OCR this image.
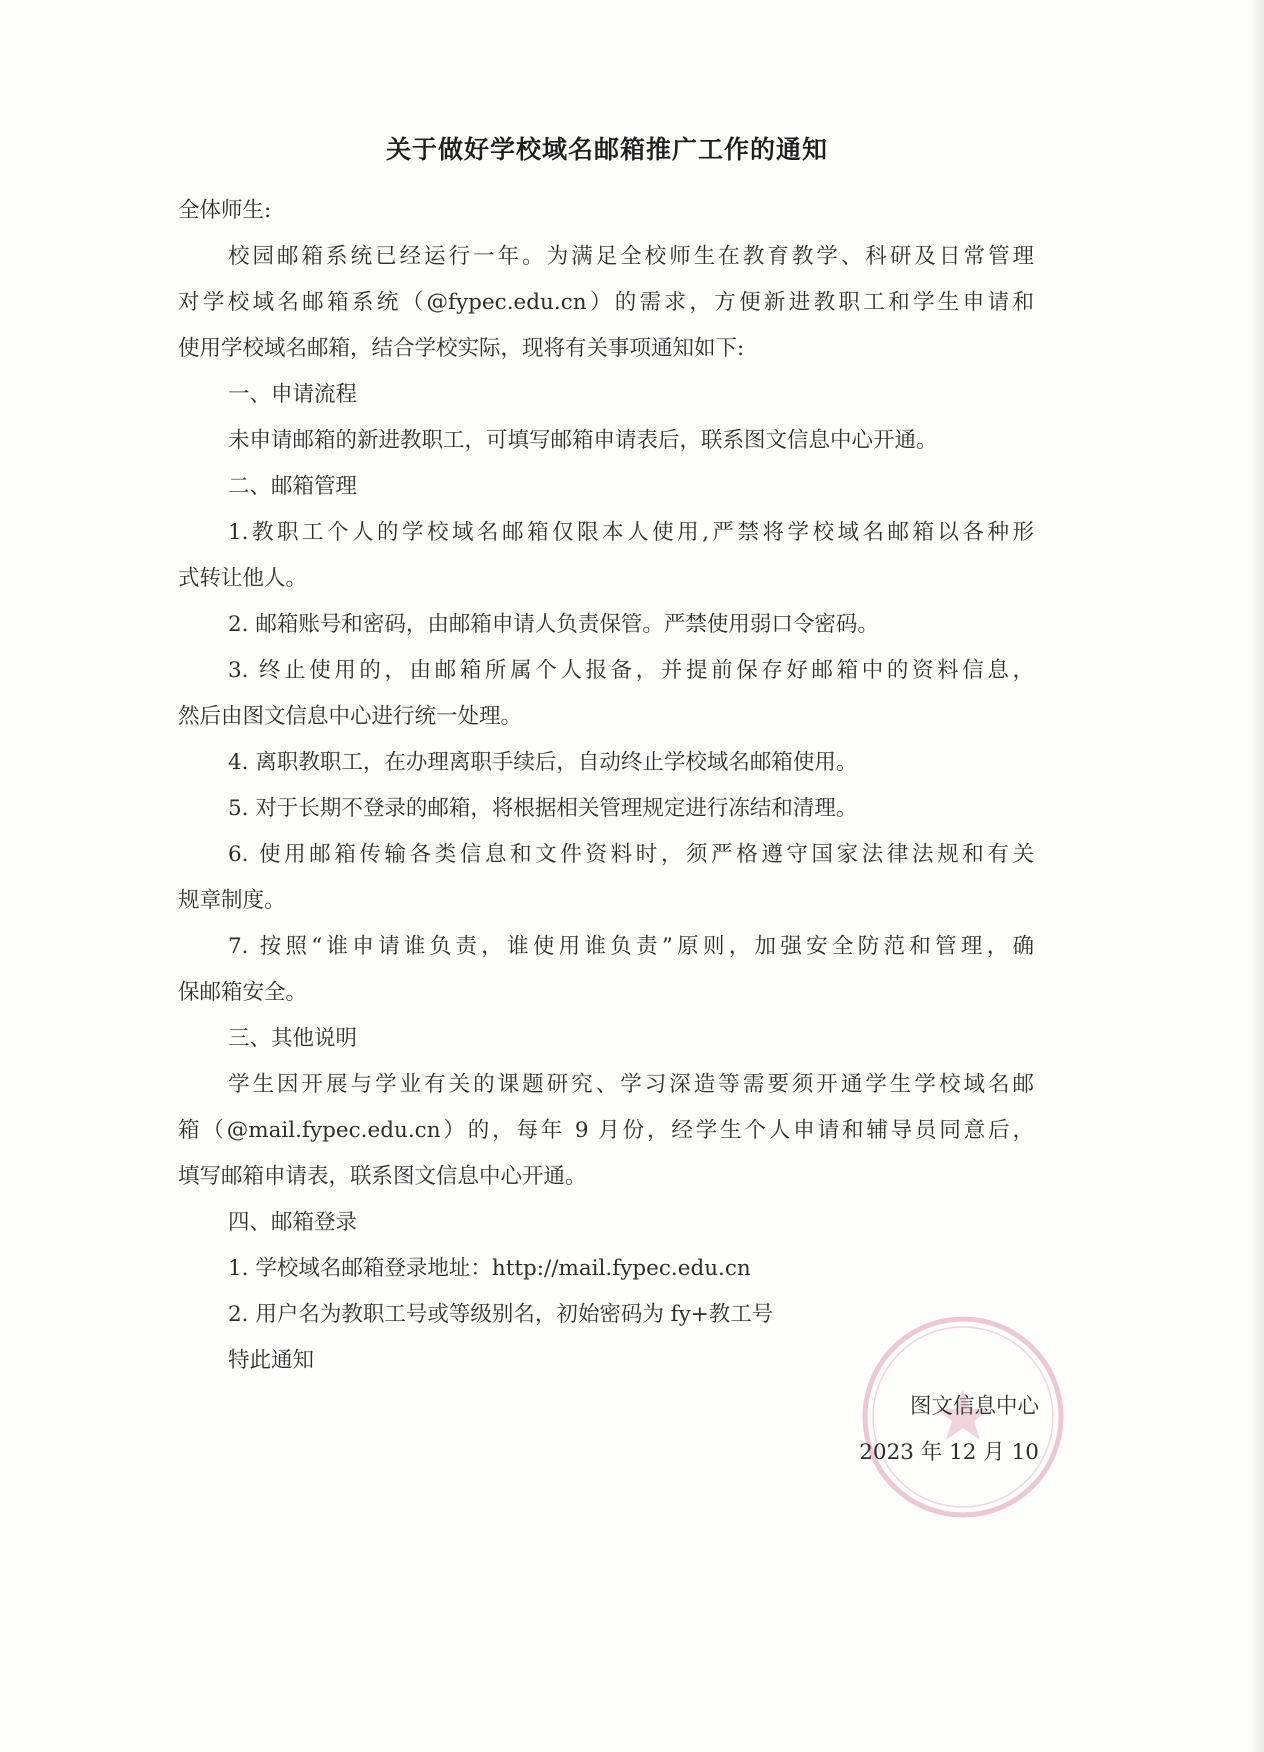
关于做好学校域名邮箱推广工作的通知
全体师生:
校园邮箱系统已经运行一年。为满足全校师生在教育教学、科研及日常管理
对学校域名邮箱系统（@fypec.edu.cn）的需求，方便新进教职工和学生申请和
使用学校域名邮箱，结合学校实际，现将有关事项通知如下:
一、申请流程
未申请邮箱的新进教职工，可填写邮箱申请表后，联系图文信息中心开通。
二、邮箱管理
1.教职工个人的学校域名邮箱仅限本人使用,严禁将学校域名邮箱以各种形
式转让他人。
2. 邮箱账号和密码，由邮箱申请人负责保管。严禁使用弱口令密码。
3. 终止使用的，由邮箱所属个人报备，并提前保存好邮箱中的资料信息，
然后由图文信息中心进行统一处理。
4. 离职教职工，在办理离职手续后，自动终止学校域名邮箱使用。
5. 对于长期不登录的邮箱，将根据相关管理规定进行冻结和清理。
6. 使用邮箱传输各类信息和文件资料时，须严格遵守国家法律法规和有关
规章制度。
7. 按照“谁申请谁负责，谁使用谁负责”原则，加强安全防范和管理，确
保邮箱安全。
三、其他说明
学生因开展与学业有关的课题研究、学习深造等需要须开通学生学校域名邮
箱（@mail.fypec.edu.cn）的，每年 9 月份，经学生个人申请和辅导员同意后，
填写邮箱申请表，联系图文信息中心开通。
四、邮箱登录
1. 学校域名邮箱登录地址：http://mail.fypec.edu.cn
2. 用户名为教职工号或等级别名，初始密码为 fy+教工号
特此通知
图文信息中心
2023 年 12 月 10
